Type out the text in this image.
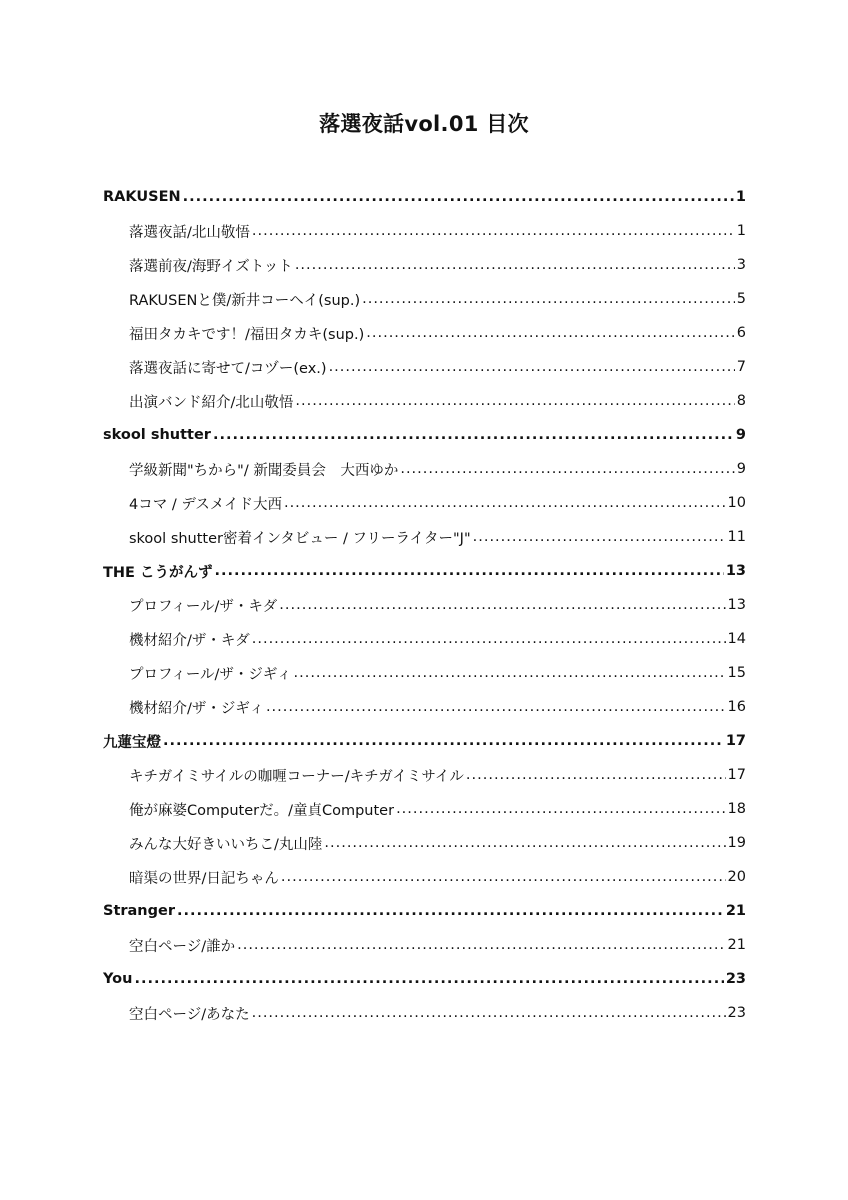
落選夜話vol.01 目次
RAKUSEN .....	1
落選夜話/北山敬悟 .....	1
落選前夜/海野イズトット .....	3
RAKUSENと僕/新井コーヘイ(sup.) .....	5
福田タカキです！/福田タカキ(sup.) .....	6
落選夜話に寄せて/コヅー(ex.) .....	7
出演バンド紹介/北山敬悟 .....	8
skool shutter .....	9
学級新聞"ちから"/ 新聞委員会　大西ゆか .....	9
4コマ / デスメイド大西 .....	10
skool shutter密着インタビュー / フリーライター"J" .....	11
THE こうがんず .....	13
プロフィール/ザ・キダ .....	13
機材紹介/ザ・キダ .....	14
プロフィール/ザ・ジギィ .....	15
機材紹介/ザ・ジギィ .....	16
九蓮宝燈 .....	17
キチガイミサイルの咖喱コーナー/キチガイミサイル .....	17
俺が麻婆Computerだ。/童貞Computer .....	18
みんな大好きいいちこ/丸山陸 .....	19
暗渠の世界/日記ちゃん .....	20
Stranger .....	21
空白ページ/誰か .....	21
You .....	23
空白ページ/あなた .....	23
